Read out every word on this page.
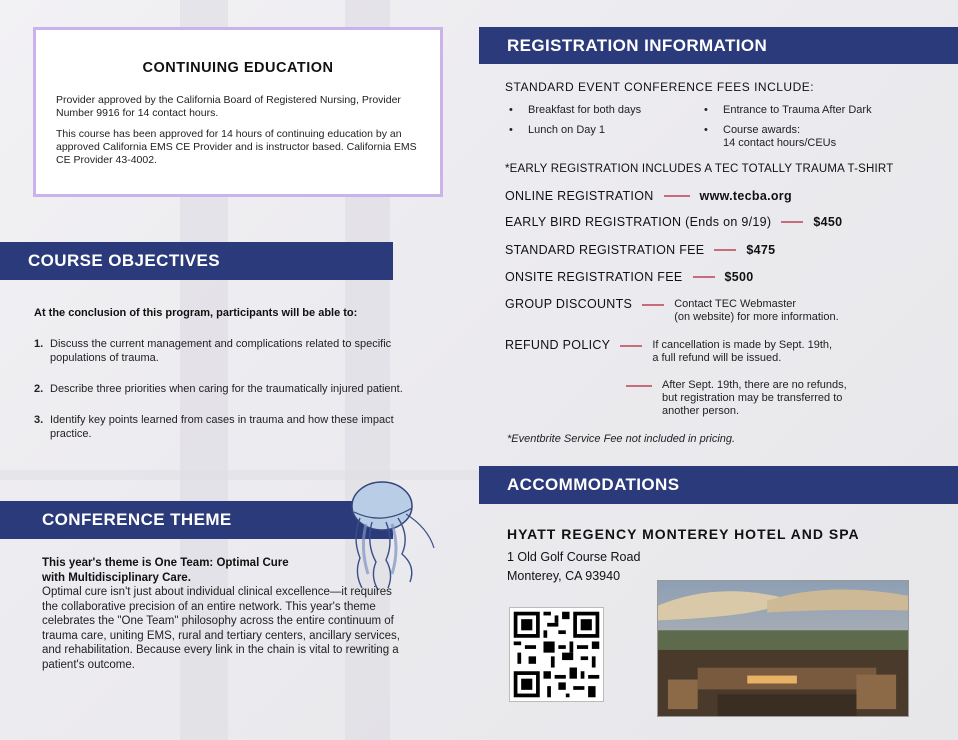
CONTINUING EDUCATION

Provider approved by the California Board of Registered Nursing, Provider Number 9916 for 14 contact hours.

This course has been approved for 14 hours of continuing education by an approved California EMS CE Provider and is instructor based. California EMS CE Provider 43-4002.

COURSE OBJECTIVES
At the conclusion of this program, participants will be able to:
1. Discuss the current management and complications related to specific populations of trauma.
2. Describe three priorities when caring for the traumatically injured patient.
3. Identify key points learned from cases in trauma and how these impact practice.
CONFERENCE THEME
This year's theme is One Team: Optimal Cure with Multidisciplinary Care.
Optimal cure isn't just about individual clinical excellence—it requires the collaborative precision of an entire network. This year's theme celebrates the "One Team" philosophy across the entire continuum of trauma care, uniting EMS, rural and tertiary centers, ancillary services, and rehabilitation. Because every link in the chain is vital to rewriting a patient's outcome.
REGISTRATION INFORMATION
STANDARD EVENT CONFERENCE FEES INCLUDE:
• Breakfast for both days
• Lunch on Day 1
• Entrance to Trauma After Dark
• Course awards:
14 contact hours/CEUs
*EARLY REGISTRATION INCLUDES A TEC TOTALLY TRAUMA T-SHIRT
ONLINE REGISTRATION	www.tecba.org
EARLY BIRD REGISTRATION (Ends on 9/19)	$450
STANDARD REGISTRATION FEE	$475
ONSITE REGISTRATION FEE	$500
GROUP DISCOUNTS	Contact TEC Webmaster
(on website) for more information.
REFUND POLICY	If cancellation is made by Sept. 19th,
a full refund will be issued.
After Sept. 19th, there are no refunds,
but registration may be transferred to
another person.
*Eventbrite Service Fee not included in pricing.
ACCOMMODATIONS
HYATT REGENCY MONTEREY HOTEL AND SPA
1 Old Golf Course Road
Monterey, CA 93940
